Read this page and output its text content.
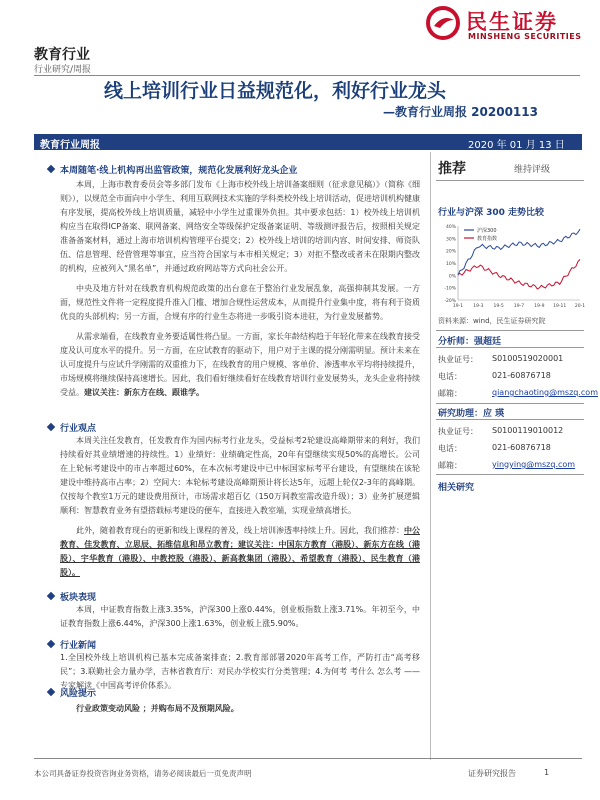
民生证券
MINSHENG SECURITIES
教育行业
行业研究/周报
线上培训行业日益规范化，利好行业龙头
—教育行业周报 20200113
教育行业周报	2020 年 01 月 13 日
本周随笔·线上机构再出监管政策，规范化发展利好龙头企业

本周，上海市教育委员会等多部门发布《上海市校外线上培训备案细则（征求意见稿）》（简称《细则》），以规范全市面向中小学生、利用互联网技术实施的学科类校外线上培训活动，促进培训机构健康有序发展，提高校外线上培训质量，减轻中小学生过重课外负担。其中要求包括：1）校外线上培训机构应当在取得ICP备案、联网备案、网络安全等级保护定级备案证明、等级测评报告后，按照相关规定准备备案材料，通过上海市培训机构管理平台提交；2）校外线上培训的培训内容、时间安排、师资队伍、信息管理、经营管理等事宜，应当符合国家与本市相关规定；3）对拒不整改或者未在限期内整改的机构，应被列入“黑名单”，并通过政府网站等方式向社会公开。

中央及地方针对在线教育机构规范政策的出台意在于整治行业发展乱象，高强抑制其发展。一方面，规范性文件将一定程度提升准入门槛、增加合规性运营成本，从而提升行业集中度，将有利于资质优良的头部机构；另一方面，合规有序的行业生态将进一步吸引资本进驻，为行业发展蓄势。

从需求端看，在线教育业务要适属性将凸显。一方面，家长年龄结构趋于年轻化带来在线教育接受度及认可度水平的提升。另一方面，在应试教育的驱动下，用户对于主课的提分刚需明显。预计未来在认可度提升与应试升学刚需的双重推力下，在线教育的用户规模、客单价、渗透率水平均将持续提升，市场规模将继续保持高速增长。因此，我们看好继续看好在线教育培训行业发展势头，龙头企业将持续受益。建议关注：新东方在线、跟谁学。

行业观点

本周关注任发教育，任发教育作为国内标考行业龙头，受益标考2轮建设高峰期带来的利好，我们持续看好其业绩增速的持续性。1）业绩好：业绩确定性高，20年有望继续实现50%的高增长。公司在上轮标考建设中的市占率超过60%，在本次标考建设中已中标国家标考平台建设，有望继续在该轮建设中维持高市占率；2）空间大：本轮标考建设高峰期预计将长达5年，远超上轮仅2-3年的高峰期。仅按每个教室1万元的建设费用预计，市场需求超百亿（150万间教室需改造升级）；3）业务扩展逻辑顺利：智慧教育业务有望搭载标考建设的便车，直接进入教室端，实现业绩高增长。

此外，随着教育现台的更新和线上课程的普及，线上培训渗透率持续上升。因此，我们推荐：中公教育、佳发教育、立思辰、拓维信息和昂立教育；建议关注：中国东方教育（港股）、新东方在线（港股）、宇华教育（港股）、中教控股（港股）、新高教集团（港股）、希望教育（港股）、民生教育（港股）。

板块表现

本周，中证教育指数上涨3.35%，沪深300上涨0.44%，创业板指数上涨3.71%。年初至今，中证教育指数上涨6.44%，沪深300上涨1.63%，创业板上涨5.90%。

行业新闻

1.全国校外线上培训机构已基本完成备案排查；2.教育部部署2020年高考工作，严防打击“高考移民”；3.联勤社会力量办学，吉林省教育厅：对民办学校实行分类管理；4.为何考 考什么 怎么考 ——专家解读《中国高考评价体系》。

风险提示

行业政策变动风险 ；并购布局不及预期风险。

推荐	维持评级
行业与沪深 300 走势比较
-20%
-10%
0%
10%
20%
30%
40%
19-1 19-3 19-5 19-7 19-9 19-11 20-1
沪深300
教育指数
资料来源：wind，民生证券研究院
分析师：强超廷
执业证号： S0100519020001
电话：	021-60876718
邮箱：	qiangchaoting@mszq.com
研究助理：应 瑛
执业证号： S0100119010012
电话：	021-60876718
邮箱：	yingying@mszq.com
相关研究
本公司具备证券投资咨询业务资格，请务必阅读最后一页免责声明	证券研究报告	1
